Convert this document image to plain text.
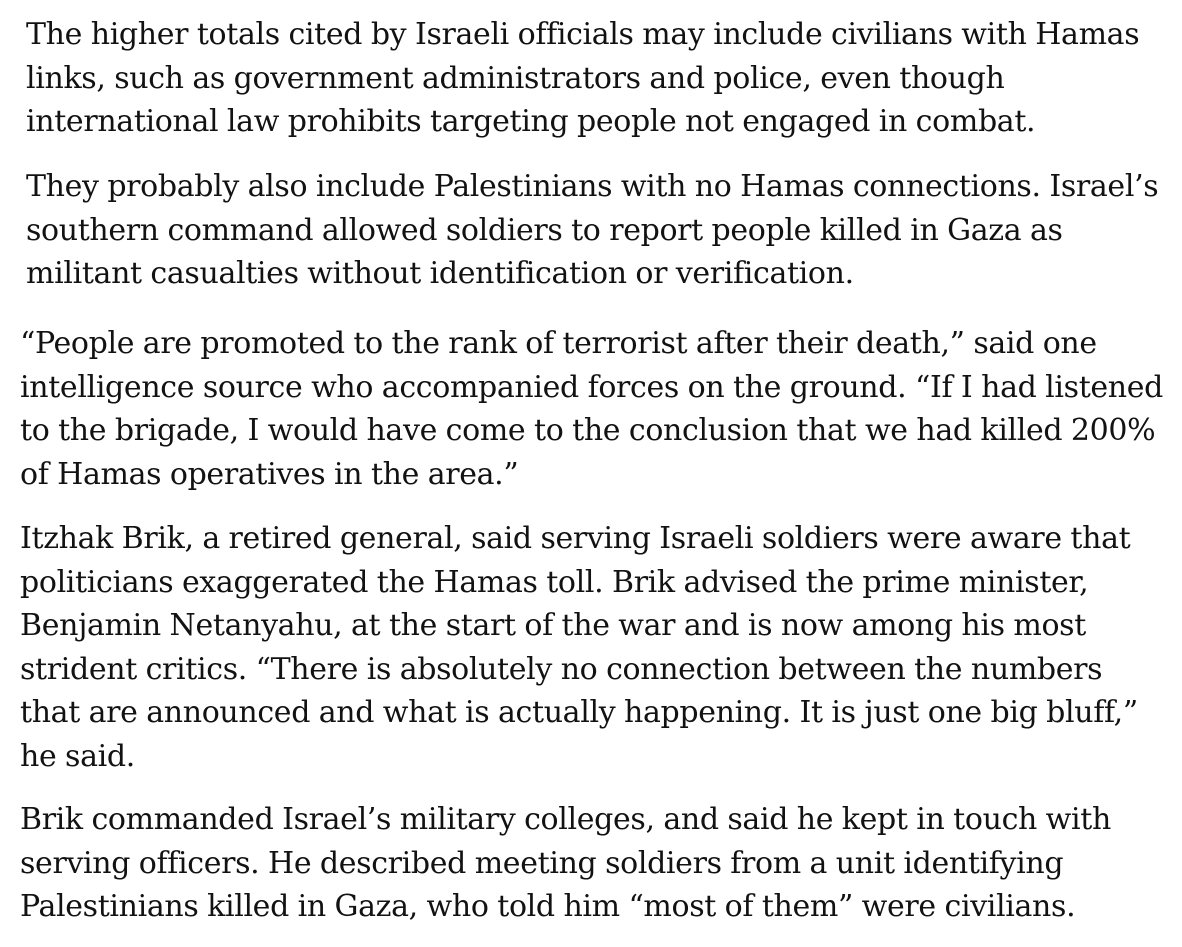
The higher totals cited by Israeli officials may include civilians with Hamas
links, such as government administrators and police, even though
international law prohibits targeting people not engaged in combat.

They probably also include Palestinians with no Hamas connections. Israel’s
southern command allowed soldiers to report people killed in Gaza as
militant casualties without identification or verification.

“People are promoted to the rank of terrorist after their death,” said one
intelligence source who accompanied forces on the ground. “If I had listened
to the brigade, I would have come to the conclusion that we had killed 200%
of Hamas operatives in the area.”

Itzhak Brik, a retired general, said serving Israeli soldiers were aware that
politicians exaggerated the Hamas toll. Brik advised the prime minister,
Benjamin Netanyahu, at the start of the war and is now among his most
strident critics. “There is absolutely no connection between the numbers
that are announced and what is actually happening. It is just one big bluff,”
he said.

Brik commanded Israel’s military colleges, and said he kept in touch with
serving officers. He described meeting soldiers from a unit identifying
Palestinians killed in Gaza, who told him “most of them” were civilians.
